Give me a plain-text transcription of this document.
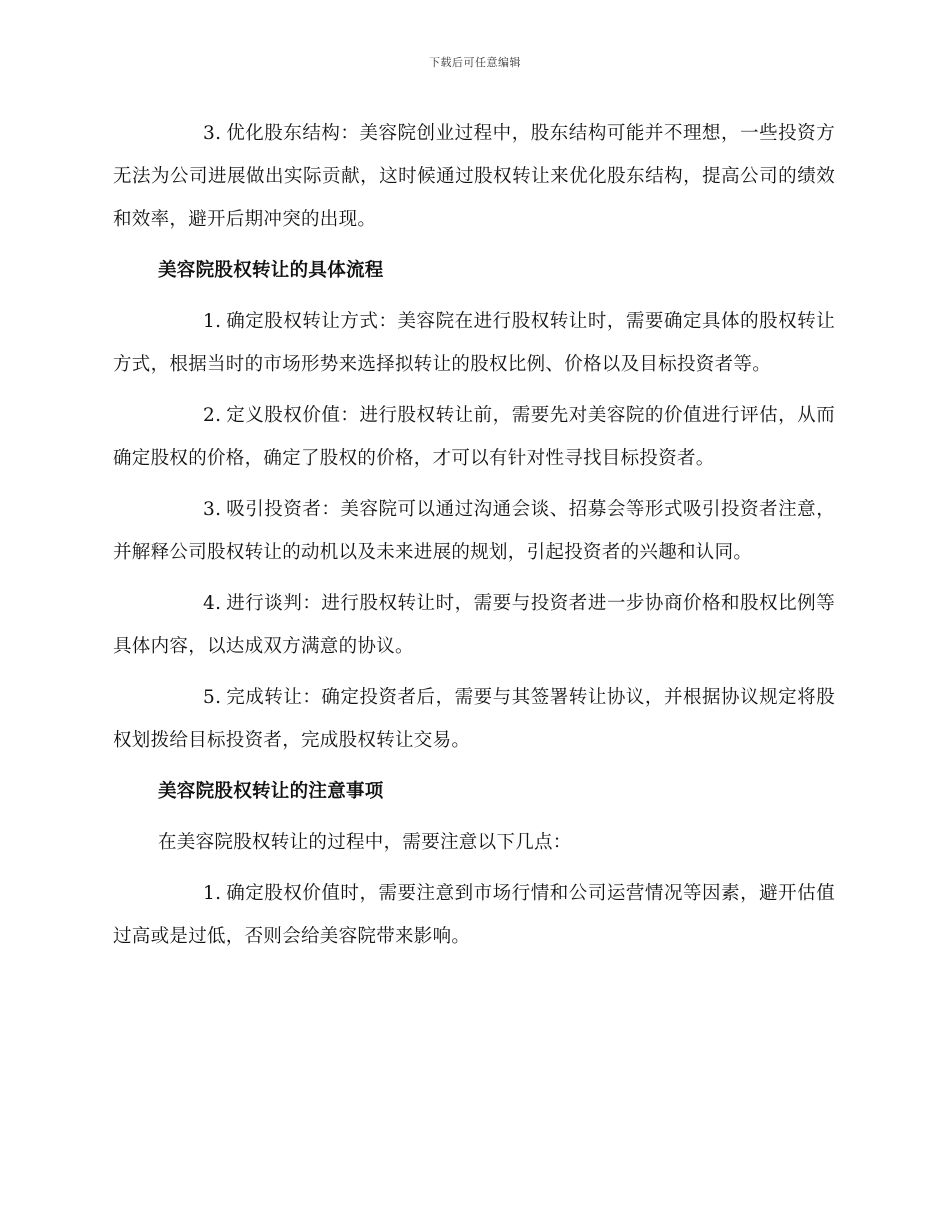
下载后可任意编辑

3. 优化股东结构：美容院创业过程中，股东结构可能并不理想，一些投资方无法为公司进展做出实际贡献，这时候通过股权转让来优化股东结构，提高公司的绩效和效率，避开后期冲突的出现。

美容院股权转让的具体流程

1. 确定股权转让方式：美容院在进行股权转让时，需要确定具体的股权转让方式，根据当时的市场形势来选择拟转让的股权比例、价格以及目标投资者等。

2. 定义股权价值：进行股权转让前，需要先对美容院的价值进行评估，从而确定股权的价格，确定了股权的价格，才可以有针对性寻找目标投资者。

3. 吸引投资者：美容院可以通过沟通会谈、招募会等形式吸引投资者注意，并解释公司股权转让的动机以及未来进展的规划，引起投资者的兴趣和认同。

4. 进行谈判：进行股权转让时，需要与投资者进一步协商价格和股权比例等具体内容，以达成双方满意的协议。

5. 完成转让：确定投资者后，需要与其签署转让协议，并根据协议规定将股权划拨给目标投资者，完成股权转让交易。

美容院股权转让的注意事项

在美容院股权转让的过程中，需要注意以下几点：

1. 确定股权价值时，需要注意到市场行情和公司运营情况等因素，避开估值过高或是过低，否则会给美容院带来影响。
